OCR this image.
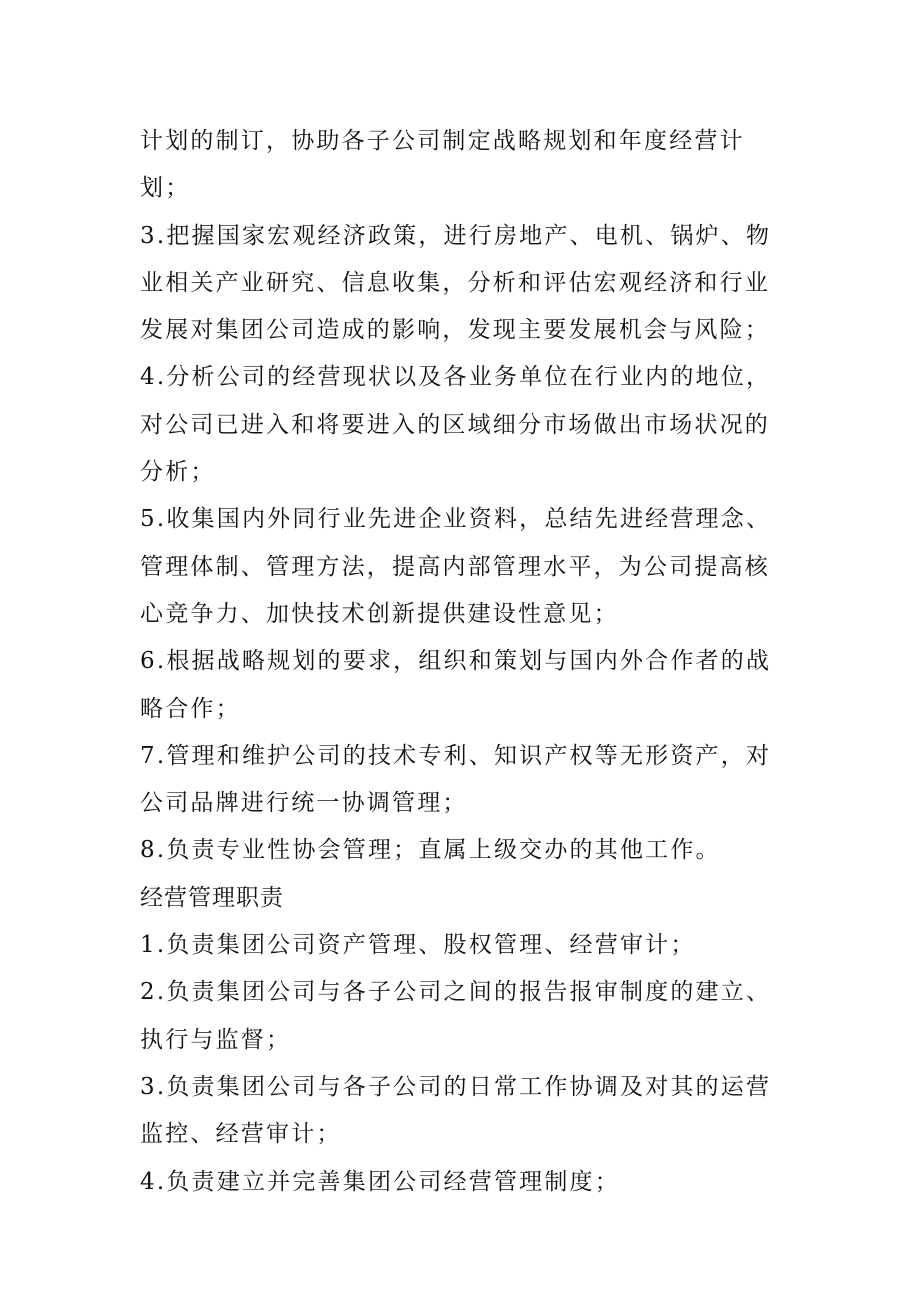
计划的制订，协助各子公司制定战略规划和年度经营计划；

3.把握国家宏观经济政策，进行房地产、电机、锅炉、物业相关产业研究、信息收集，分析和评估宏观经济和行业发展对集团公司造成的影响，发现主要发展机会与风险；

4.分析公司的经营现状以及各业务单位在行业内的地位，对公司已进入和将要进入的区域细分市场做出市场状况的分析；

5.收集国内外同行业先进企业资料，总结先进经营理念、管理体制、管理方法，提高内部管理水平，为公司提高核心竞争力、加快技术创新提供建设性意见；

6.根据战略规划的要求，组织和策划与国内外合作者的战略合作；

7.管理和维护公司的技术专利、知识产权等无形资产，对公司品牌进行统一协调管理；

8.负责专业性协会管理；直属上级交办的其他工作。

经营管理职责

1.负责集团公司资产管理、股权管理、经营审计；

2.负责集团公司与各子公司之间的报告报审制度的建立、执行与监督；

3.负责集团公司与各子公司的日常工作协调及对其的运营监控、经营审计；

4.负责建立并完善集团公司经营管理制度；
